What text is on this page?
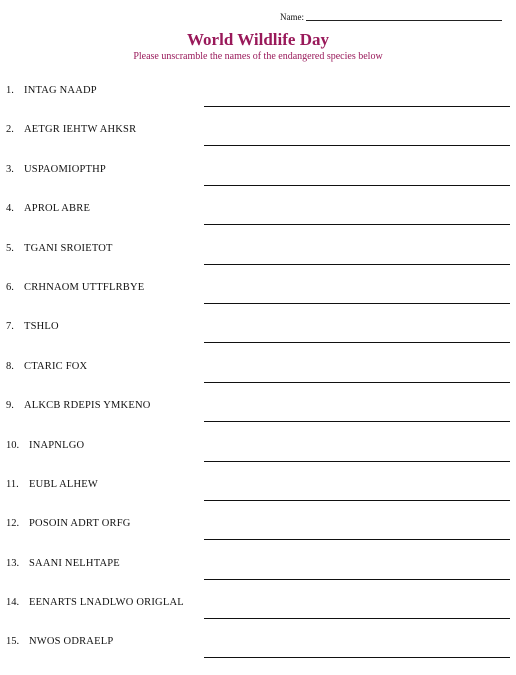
Name:
World Wildlife Day
Please unscramble the names of the endangered species below
1. INTAG NAADP
2. AETGR IEHTW AHKSR
3. USPAOMIOPTHP
4. APROL ABRE
5. TGANI SROIETOT
6. CRHNAOM UTTFLRBYE
7. TSHLO
8. CTARIC FOX
9. ALKCB RDEPIS YMKENO
10. INAPNLGO
11. EUBL ALHEW
12. POSOIN ADRT ORFG
13. SAANI NELHTAPE
14. EENARTS LNADLWO ORIGLAL
15. NWOS ODRAELP
